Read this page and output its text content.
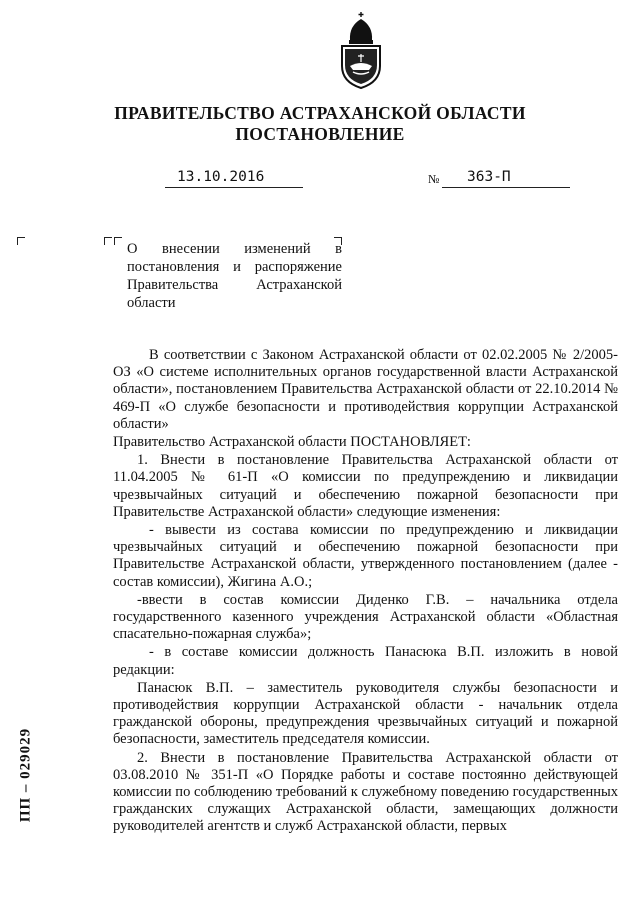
ПРАВИТЕЛЬСТВО АСТРАХАНСКОЙ ОБЛАСТИ
ПОСТАНОВЛЕНИЕ
13.10.2016	№ 363-П
О внесении изменений в постановления и распоряжение Правительства Астраханской области

В соответствии с Законом Астраханской области от 02.02.2005 № 2/2005-ОЗ «О системе исполнительных органов государственной власти Астраханской области», постановлением Правительства Астраханской области от 22.10.2014 № 469-П «О службе безопасности и противодействия коррупции Астраханской области»

Правительство Астраханской области ПОСТАНОВЛЯЕТ:

1. Внести в постановление Правительства Астраханской области от 11.04.2005 № 61-П «О комиссии по предупреждению и ликвидации чрезвычайных ситуаций и обеспечению пожарной безопасности при Правительстве Астраханской области» следующие изменения:

- вывести из состава комиссии по предупреждению и ликвидации чрезвычайных ситуаций и обеспечению пожарной безопасности при Правительстве Астраханской области, утвержденного постановлением (далее - состав комиссии), Жигина А.О.;

-ввести в состав комиссии Диденко Г.В. – начальника отдела государственного казенного учреждения Астраханской области «Областная спасательно-пожарная служба»;

- в составе комиссии должность Панасюка В.П. изложить в новой редакции:

Панасюк В.П. – заместитель руководителя службы безопасности и противодействия коррупции Астраханской области - начальник отдела гражданской обороны, предупреждения чрезвычайных ситуаций и пожарной безопасности, заместитель председателя комиссии.

2. Внести в постановление Правительства Астраханской области от 03.08.2010 № 351-П «О Порядке работы и составе постоянно действующей комиссии по соблюдению требований к служебному поведению государственных гражданских служащих Астраханской области, замещающих должности руководителей агентств и служб Астраханской области, первых

ПП – 029029
